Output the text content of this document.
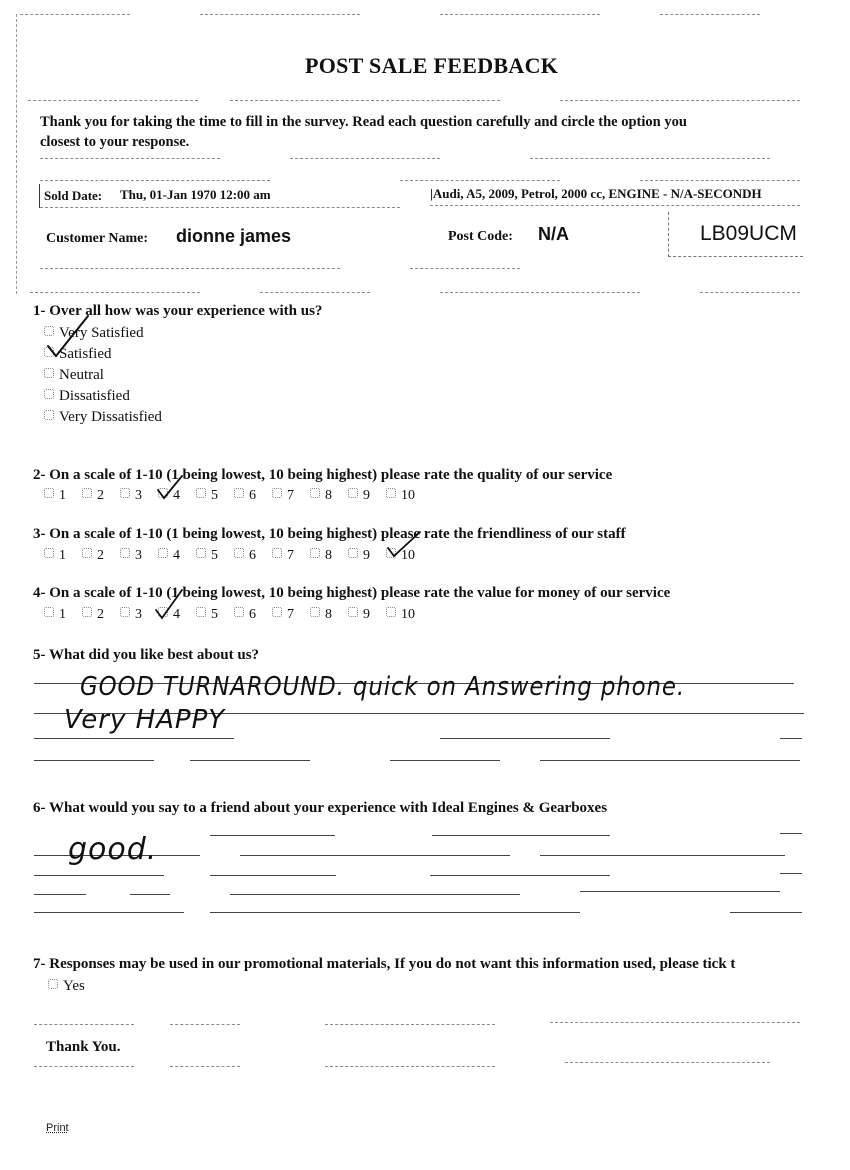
POST SALE FEEDBACK
Thank you for taking the time to fill in the survey. Read each question carefully and circle the option you
closest to your response.
Sold Date: Thu, 01-Jan 1970 12:00 am	|Audi, A5, 2009, Petrol, 2000 cc, ENGINE - N/A-SECONDH
Customer Name: dionne james	Post Code: N/A	LB09UCM
1- Over all how was your experience with us?
Very Satisfied
Satisfied
Neutral
Dissatisfied
Very Dissatisfied
2- On a scale of 1-10 (1 being lowest, 10 being highest) please rate the quality of our service
1 2 3 4 5 6 7 8 9 10
3- On a scale of 1-10 (1 being lowest, 10 being highest) please rate the friendliness of our staff
1 2 3 4 5 6 7 8 9 10
4- On a scale of 1-10 (1 being lowest, 10 being highest) please rate the value for money of our service
1 2 3 4 5 6 7 8 9 10
5- What did you like best about us?
GOOD TURNAROUND. quick on Answering phone.
Very HAPPY
6- What would you say to a friend about your experience with Ideal Engines & Gearboxes
good.
7- Responses may be used in our promotional materials, If you do not want this information used, please tick t
Yes
Thank You.
Print
